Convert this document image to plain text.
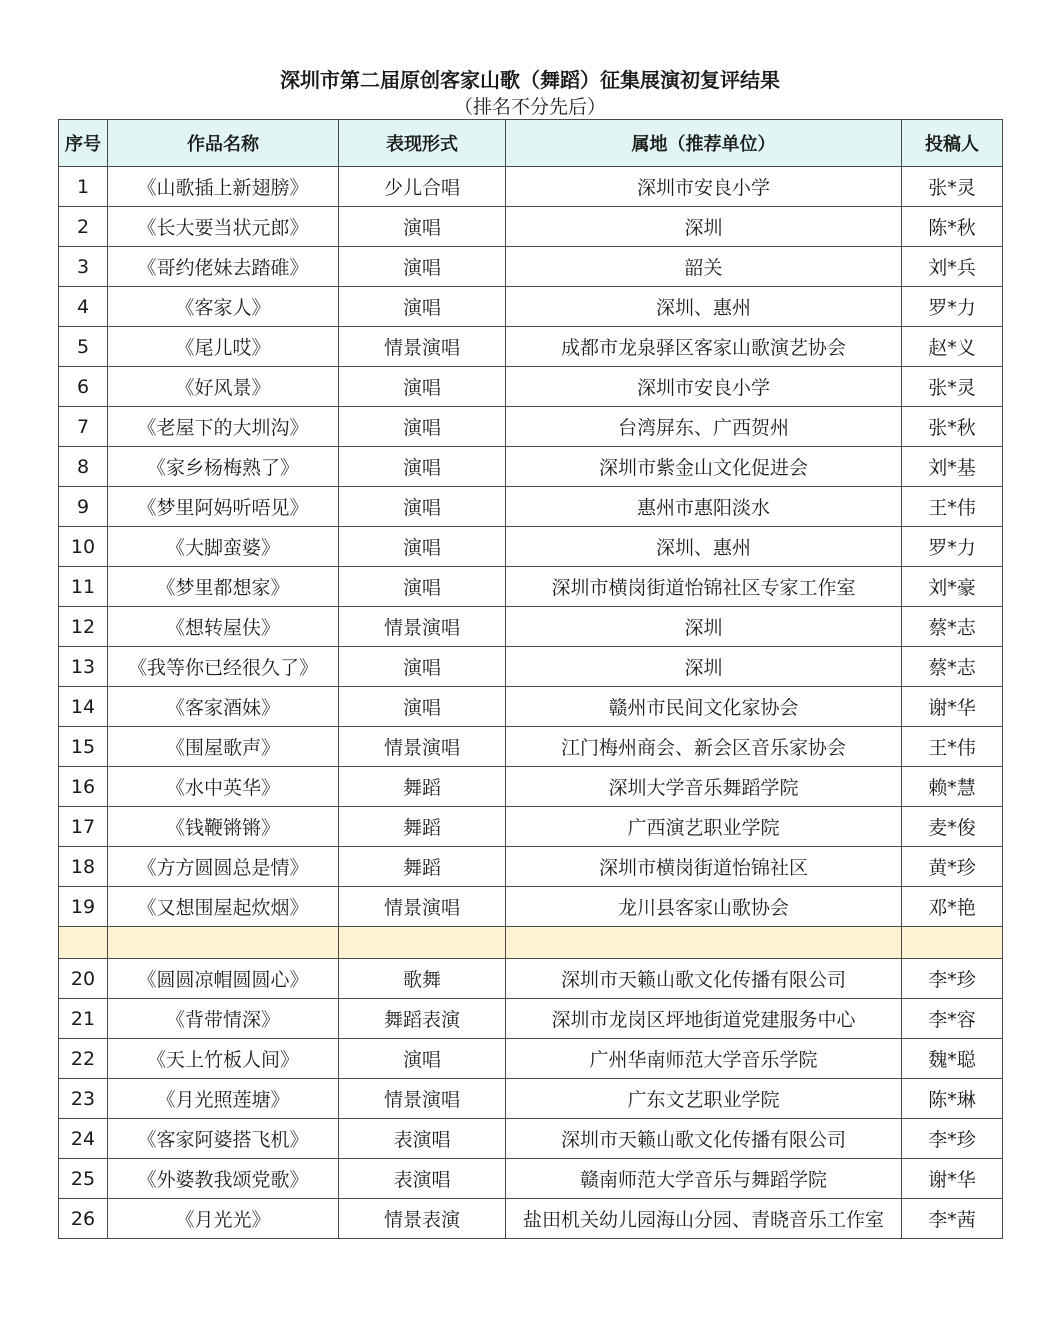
深圳市第二届原创客家山歌（舞蹈）征集展演初复评结果
（排名不分先后）
序号	作品名称	表现形式	属地（推荐单位）	投稿人
1	《山歌插上新翅膀》	少儿合唱	深圳市安良小学	张*灵
2	《长大要当状元郎》	演唱	深圳	陈*秋
3	《哥约佬妹去踏碓》	演唱	韶关	刘*兵
4	《客家人》	演唱	深圳、惠州	罗*力
5	《尾儿哎》	情景演唱	成都市龙泉驿区客家山歌演艺协会	赵*义
6	《好风景》	演唱	深圳市安良小学	张*灵
7	《老屋下的大圳沟》	演唱	台湾屏东、广西贺州	张*秋
8	《家乡杨梅熟了》	演唱	深圳市紫金山文化促进会	刘*基
9	《梦里阿妈听唔见》	演唱	惠州市惠阳淡水	王*伟
10	《大脚蛮婆》	演唱	深圳、惠州	罗*力
11	《梦里都想家》	演唱	深圳市横岗街道怡锦社区专家工作室	刘*豪
12	《想转屋伕》	情景演唱	深圳	蔡*志
13	《我等你已经很久了》	演唱	深圳	蔡*志
14	《客家酒妹》	演唱	赣州市民间文化家协会	谢*华
15	《围屋歌声》	情景演唱	江门梅州商会、新会区音乐家协会	王*伟
16	《水中英华》	舞蹈	深圳大学音乐舞蹈学院	赖*慧
17	《钱鞭锵锵》	舞蹈	广西演艺职业学院	麦*俊
18	《方方圆圆总是情》	舞蹈	深圳市横岗街道怡锦社区	黄*珍
19	《又想围屋起炊烟》	情景演唱	龙川县客家山歌协会	邓*艳

20	《圆圆凉帽圆圆心》	歌舞	深圳市天籁山歌文化传播有限公司	李*珍
21	《背带情深》	舞蹈表演	深圳市龙岗区坪地街道党建服务中心	李*容
22	《天上竹板人间》	演唱	广州华南师范大学音乐学院	魏*聪
23	《月光照莲塘》	情景演唱	广东文艺职业学院	陈*琳
24	《客家阿婆搭飞机》	表演唱	深圳市天籁山歌文化传播有限公司	李*珍
25	《外婆教我颂党歌》	表演唱	赣南师范大学音乐与舞蹈学院	谢*华
26	《月光光》	情景表演	盐田机关幼儿园海山分园、青晓音乐工作室	李*茜
